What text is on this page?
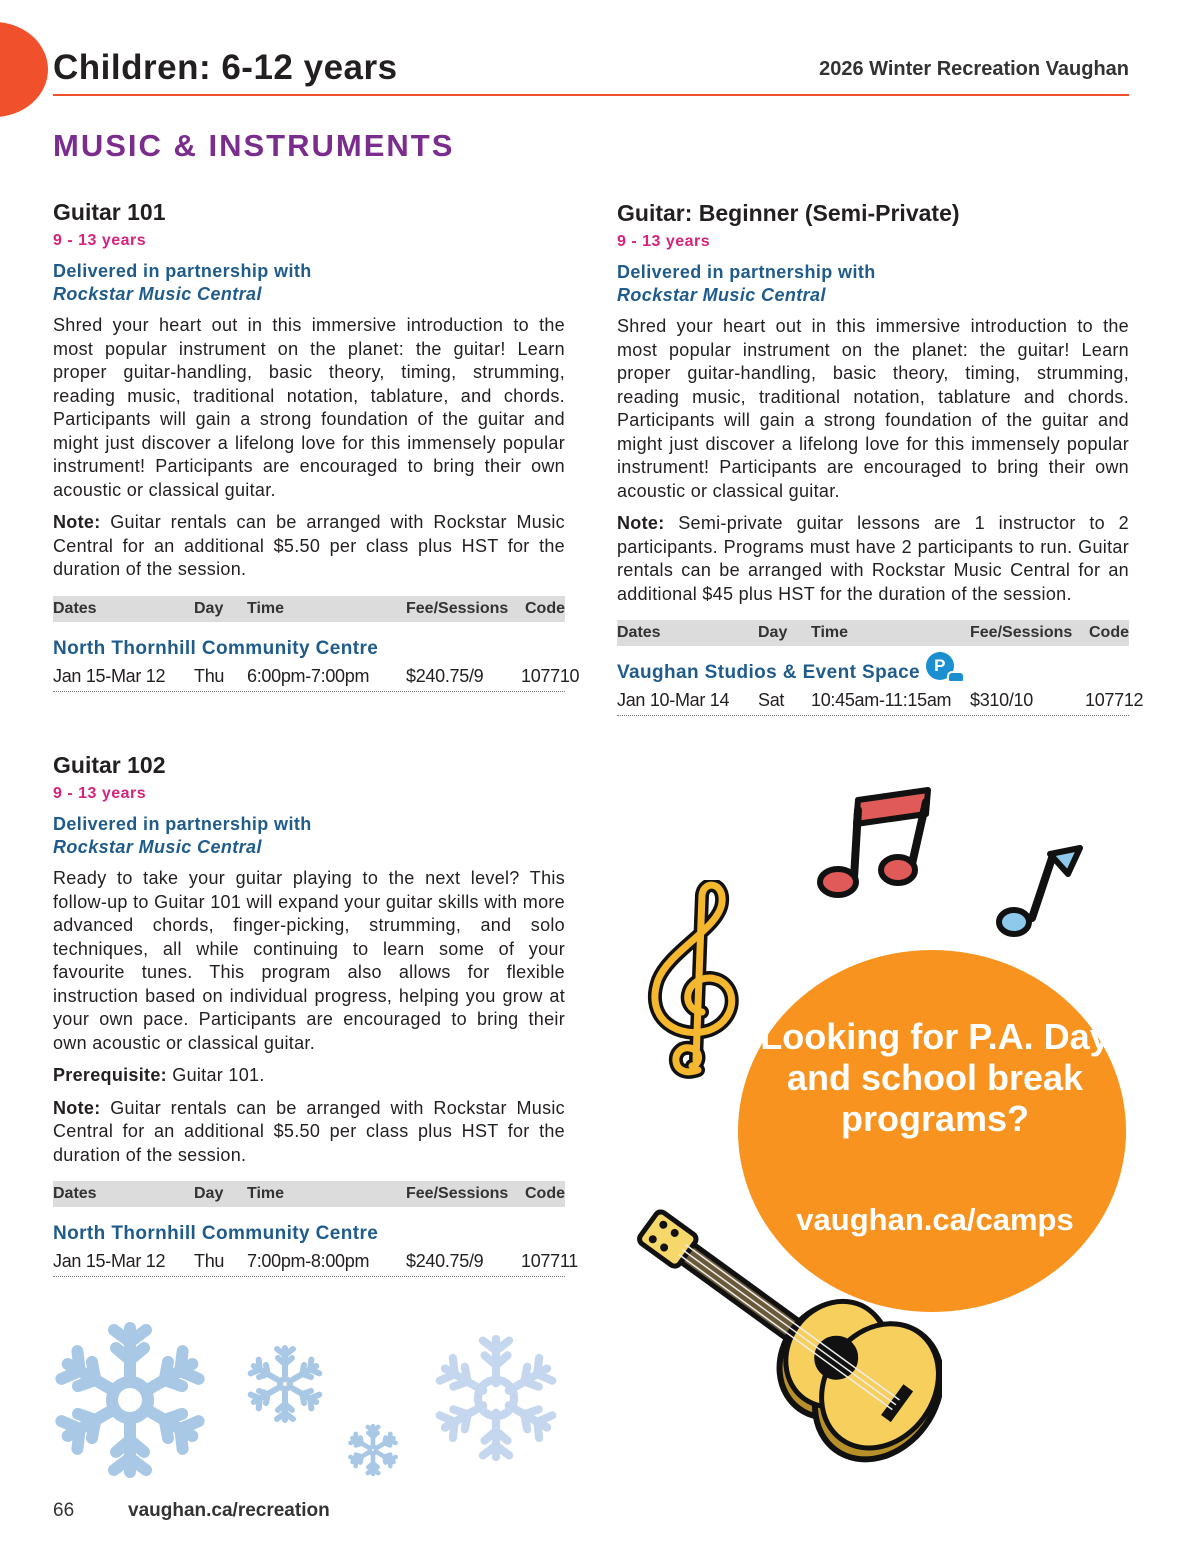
Children: 6-12 years	2026 Winter Recreation Vaughan
MUSIC & INSTRUMENTS
Guitar 101
9 - 13 years
Delivered in partnership with
Rockstar Music Central

Shred your heart out in this immersive introduction to the most popular instrument on the planet: the guitar! Learn proper guitar-handling, basic theory, timing, strumming, reading music, traditional notation, tablature, and chords. Participants will gain a strong foundation of the guitar and might just discover a lifelong love for this immensely popular instrument! Participants are encouraged to bring their own acoustic or classical guitar.

Note: Guitar rentals can be arranged with Rockstar Music Central for an additional $5.50 per class plus HST for the duration of the session.

Dates	Day	Time	Fee/Sessions	Code
North Thornhill Community Centre
Jan 15-Mar 12	Thu	6:00pm-7:00pm	$240.75/9	107710
Guitar 102
9 - 13 years
Delivered in partnership with
Rockstar Music Central

Ready to take your guitar playing to the next level? This follow-up to Guitar 101 will expand your guitar skills with more advanced chords, finger-picking, strumming, and solo techniques, all while continuing to learn some of your favourite tunes. This program also allows for flexible instruction based on individual progress, helping you grow at your own pace. Participants are encouraged to bring their own acoustic or classical guitar.

Prerequisite: Guitar 101.

Note: Guitar rentals can be arranged with Rockstar Music Central for an additional $5.50 per class plus HST for the duration of the session.

Dates	Day	Time	Fee/Sessions	Code
North Thornhill Community Centre
Jan 15-Mar 12	Thu	7:00pm-8:00pm	$240.75/9	107711
Guitar: Beginner (Semi-Private)
9 - 13 years
Delivered in partnership with
Rockstar Music Central

Shred your heart out in this immersive introduction to the most popular instrument on the planet: the guitar! Learn proper guitar-handling, basic theory, timing, strumming, reading music, traditional notation, tablature and chords. Participants will gain a strong foundation of the guitar and might just discover a lifelong love for this immensely popular instrument! Participants are encouraged to bring their own acoustic or classical guitar.

Note: Semi-private guitar lessons are 1 instructor to 2 participants. Programs must have 2 participants to run. Guitar rentals can be arranged with Rockstar Music Central for an additional $45 plus HST for the duration of the session.

Dates	Day	Time	Fee/Sessions	Code
Vaughan Studios & Event Space P
Jan 10-Mar 14	Sat	10:45am-11:15am	$310/10	107712
Looking for P.A. Day and school break programs?
vaughan.ca/camps
66	vaughan.ca/recreation
